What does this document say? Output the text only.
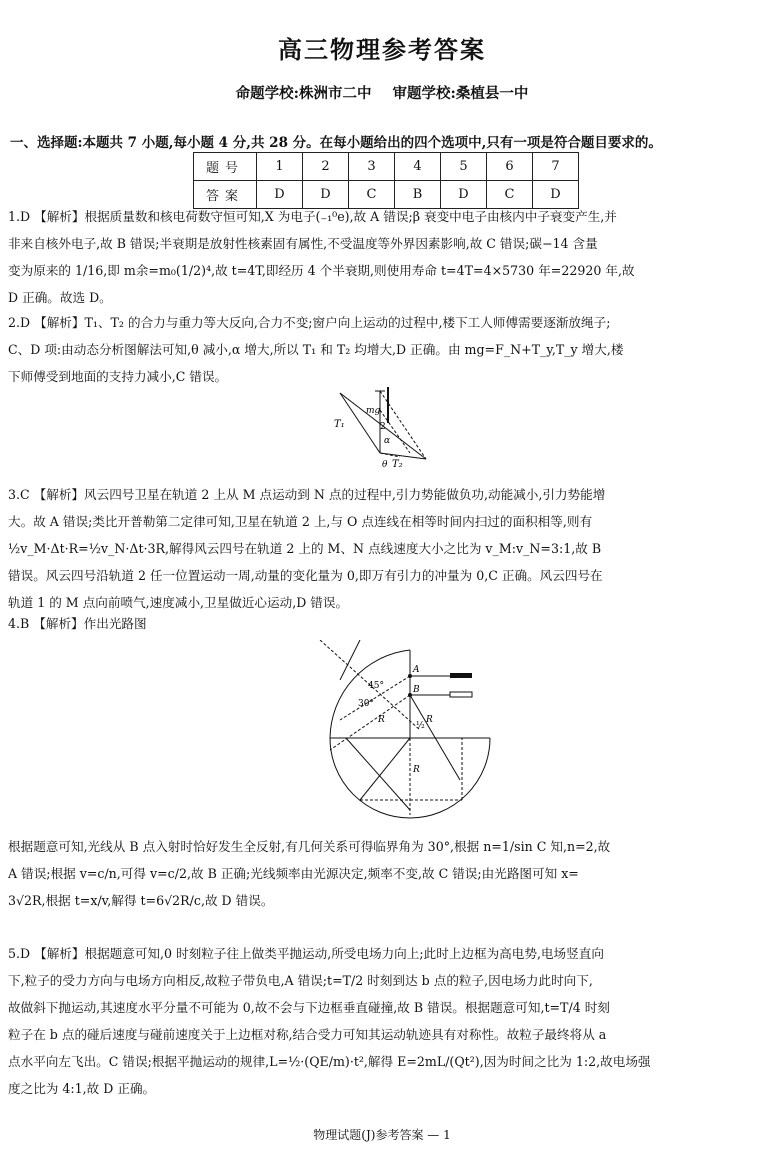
高三物理参考答案
命题学校:株洲市二中 审题学校:桑植县一中
一、选择题:本题共 7 小题,每小题 4 分,共 28 分。在每小题给出的四个选项中,只有一项是符合题目要求的。
题号	1	2	3	4	5	6	7
答案	D	D	C	B	D	C	D
1.D 【解析】根据质量数和核电荷数守恒可知,X 为电子(₋₁⁰e),故 A 错误;β 衰变中电子由核内中子衰变产生,并
非来自核外电子,故 B 错误;半衰期是放射性核素固有属性,不受温度等外界因素影响,故 C 错误;碳−14 含量
变为原来的 1/16,即 m余=m₀(1/2)⁴,故 t=4T,即经历 4 个半衰期,则使用寿命 t=4T=4×5730 年=22920 年,故
D 正确。故选 D。
2.D 【解析】T₁、T₂ 的合力与重力等大反向,合力不变;窗户向上运动的过程中,楼下工人师傅需要逐渐放绳子;
C、D 项:由动态分析图解法可知,θ 减小,α 增大,所以 T₁ 和 T₂ 均增大,D 正确。由 mg=F_N+T_y,T_y 增大,楼
下师傅受到地面的支持力减小,C 错误。
T₁
mg
2
α
θ T₂
3.C 【解析】风云四号卫星在轨道 2 上从 M 点运动到 N 点的过程中,引力势能做负功,动能减小,引力势能增
大。故 A 错误;类比开普勒第二定律可知,卫星在轨道 2 上,与 O 点连线在相等时间内扫过的面积相等,则有
½v_M·Δt·R=½v_N·Δt·3R,解得风云四号在轨道 2 上的 M、N 点线速度大小之比为 v_M:v_N=3:1,故 B
错误。风云四号沿轨道 2 任一位置运动一周,动量的变化量为 0,即万有引力的冲量为 0,C 正确。风云四号在
轨道 1 的 M 点向前喷气,速度减小,卫星做近心运动,D 错误。
4.B 【解析】作出光路图
A
B
45°
30°
R
½
R
R
根据题意可知,光线从 B 点入射时恰好发生全反射,有几何关系可得临界角为 30°,根据 n=1/sin C 知,n=2,故
A 错误;根据 v=c/n,可得 v=c/2,故 B 正确;光线频率由光源决定,频率不变,故 C 错误;由光路图可知 x=
3√2R,根据 t=x/v,解得 t=6√2R/c,故 D 错误。
5.D 【解析】根据题意可知,0 时刻粒子往上做类平抛运动,所受电场力向上;此时上边框为高电势,电场竖直向
下,粒子的受力方向与电场方向相反,故粒子带负电,A 错误;t=T/2 时刻到达 b 点的粒子,因电场力此时向下,
故做斜下抛运动,其速度水平分量不可能为 0,故不会与下边框垂直碰撞,故 B 错误。根据题意可知,t=T/4 时刻
粒子在 b 点的碰后速度与碰前速度关于上边框对称,结合受力可知其运动轨迹具有对称性。故粒子最终将从 a
点水平向左飞出。C 错误;根据平抛运动的规律,L=½·(QE/m)·t²,解得 E=2mL/(Qt²),因为时间之比为 1:2,故电场强
度之比为 4:1,故 D 正确。
物理试题(J)参考答案 — 1
